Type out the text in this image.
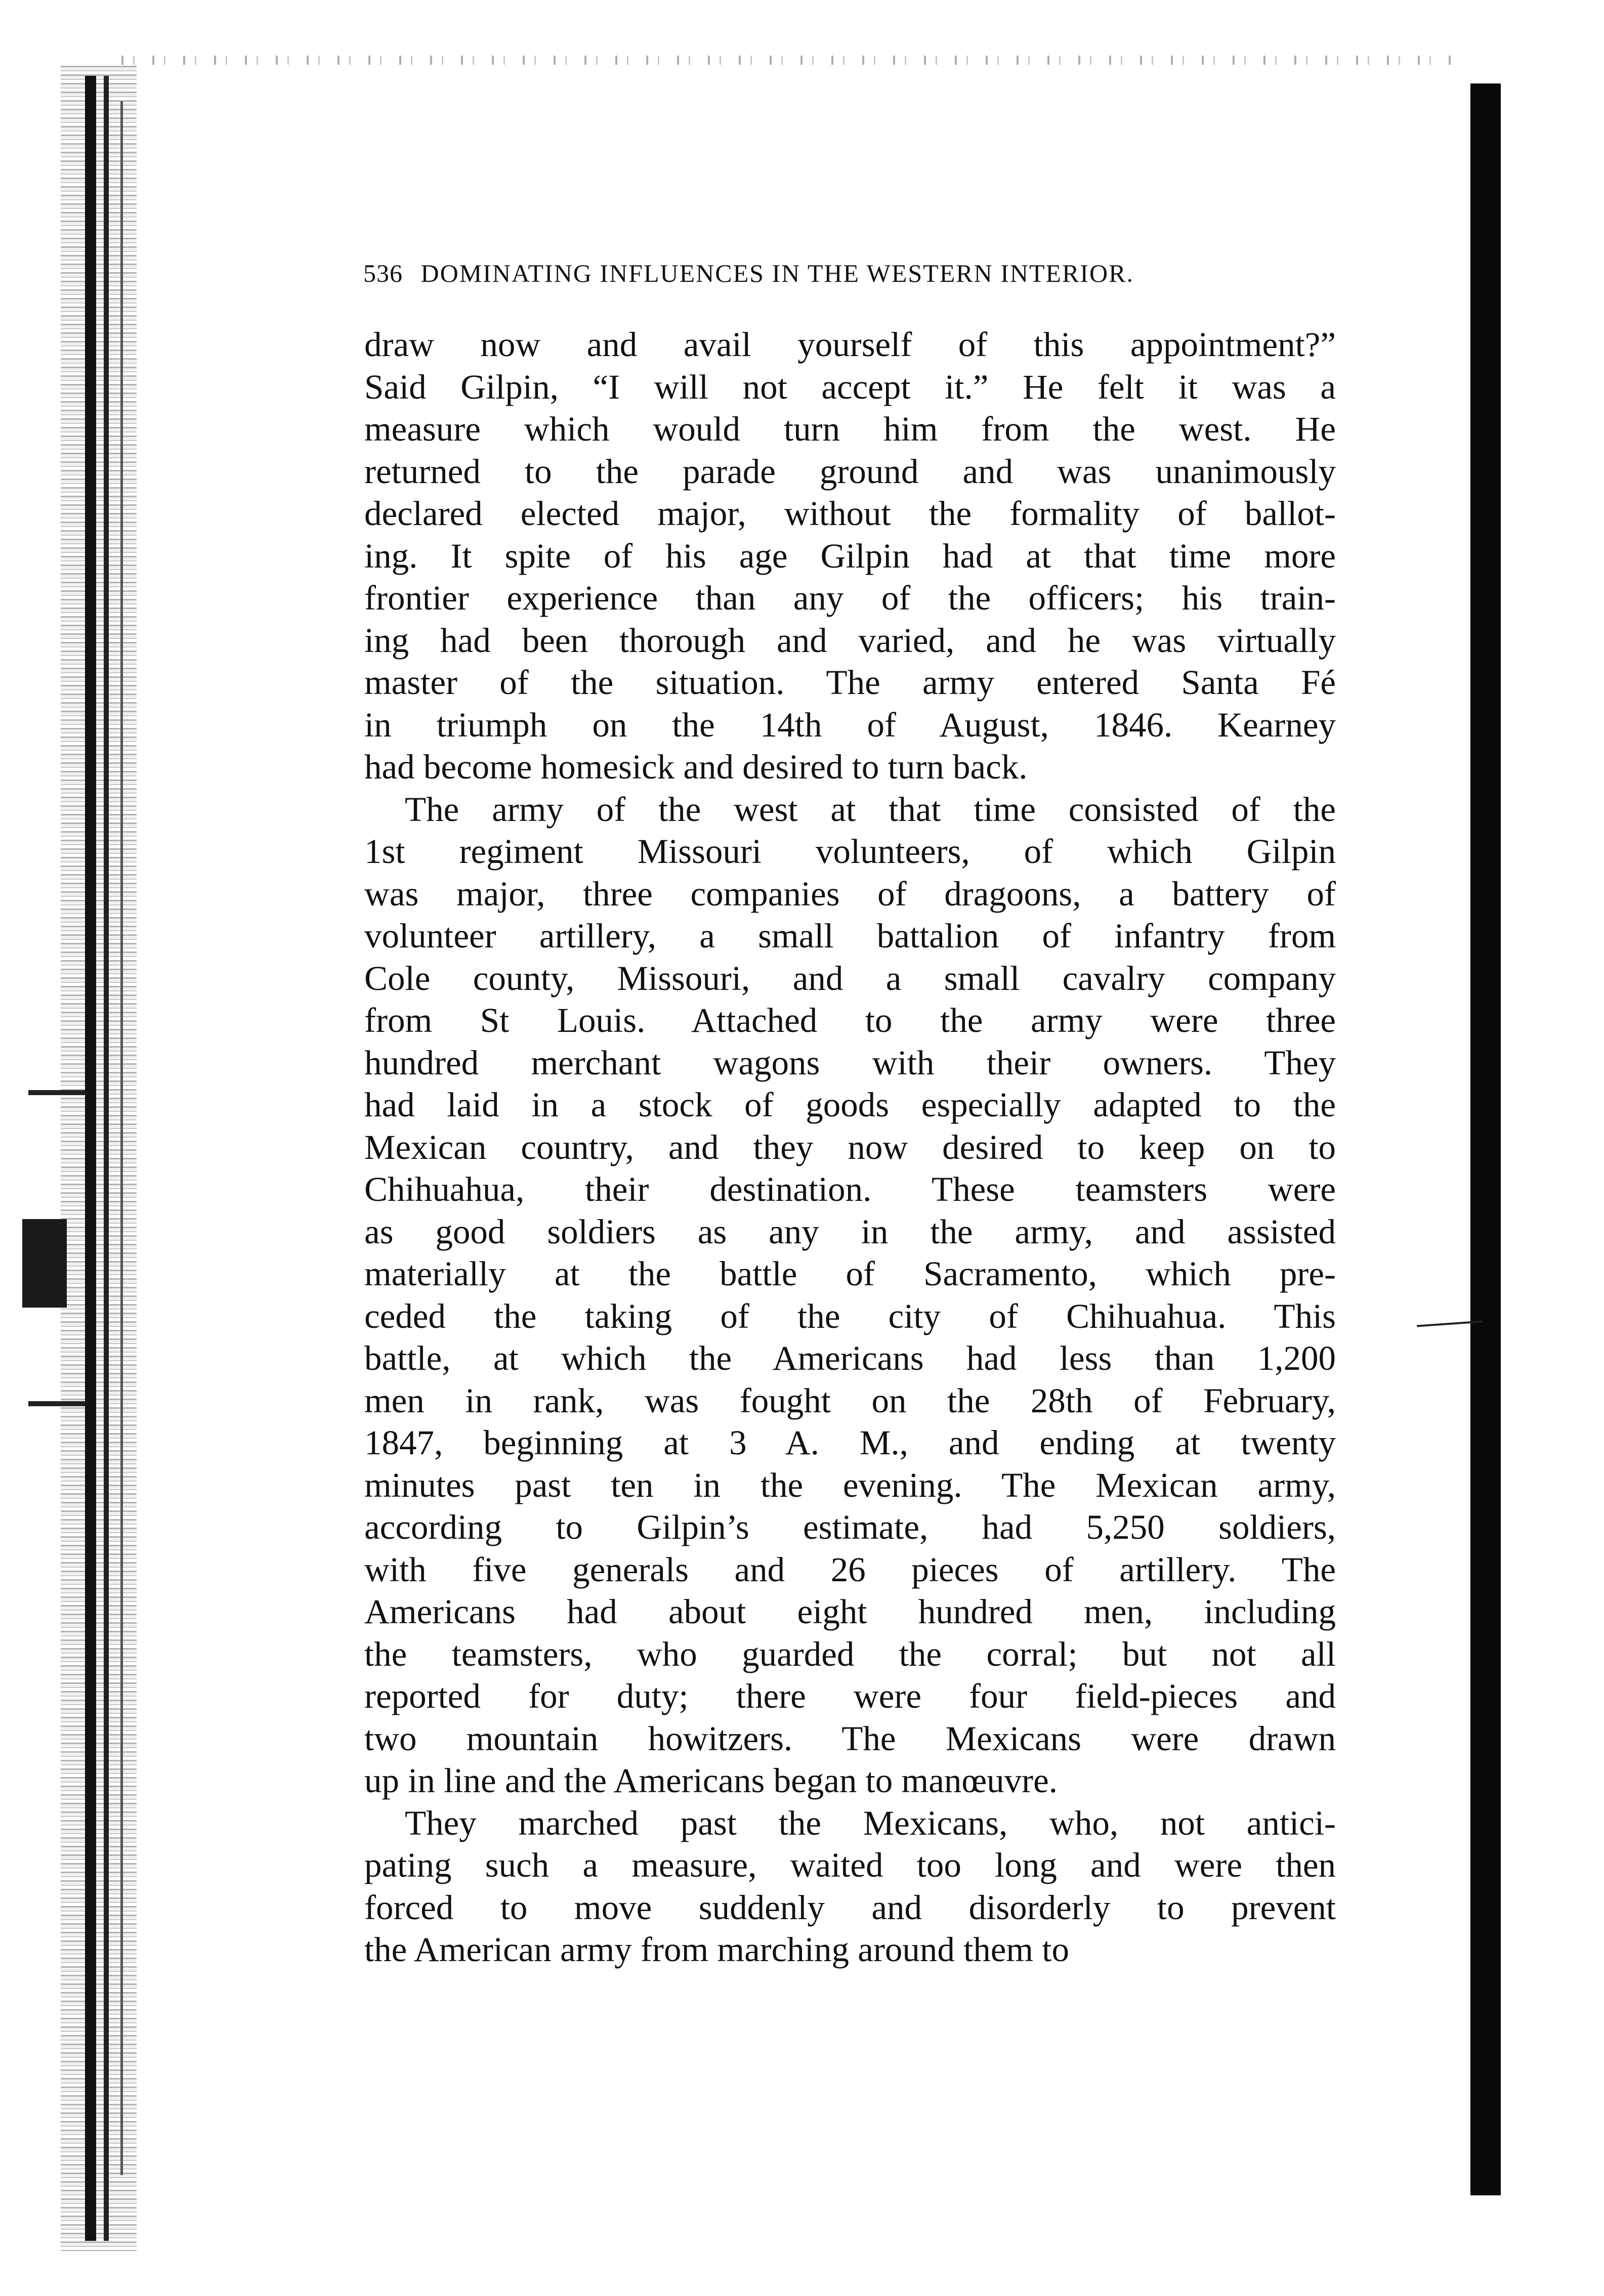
536 DOMINATING INFLUENCES IN THE WESTERN INTERIOR.
draw now and avail yourself of this appointment?”
Said Gilpin, “I will not accept it.” He felt it was a
measure which would turn him from the west. He
returned to the parade ground and was unanimously
declared elected major, without the formality of ballot-
ing. It spite of his age Gilpin had at that time more
frontier experience than any of the officers; his train-
ing had been thorough and varied, and he was virtually
master of the situation. The army entered Santa Fé
in triumph on the 14th of August, 1846. Kearney
had become homesick and desired to turn back.
The army of the west at that time consisted of the
1st regiment Missouri volunteers, of which Gilpin
was major, three companies of dragoons, a battery of
volunteer artillery, a small battalion of infantry from
Cole county, Missouri, and a small cavalry company
from St Louis. Attached to the army were three
hundred merchant wagons with their owners. They
had laid in a stock of goods especially adapted to the
Mexican country, and they now desired to keep on to
Chihuahua, their destination. These teamsters were
as good soldiers as any in the army, and assisted
materially at the battle of Sacramento, which pre-
ceded the taking of the city of Chihuahua. This
battle, at which the Americans had less than 1,200
men in rank, was fought on the 28th of February,
1847, beginning at 3 A. M., and ending at twenty
minutes past ten in the evening. The Mexican army,
according to Gilpin’s estimate, had 5,250 soldiers,
with five generals and 26 pieces of artillery. The
Americans had about eight hundred men, including
the teamsters, who guarded the corral; but not all
reported for duty; there were four field-pieces and
two mountain howitzers. The Mexicans were drawn
up in line and the Americans began to manœuvre.
They marched past the Mexicans, who, not antici-
pating such a measure, waited too long and were then
forced to move suddenly and disorderly to prevent
the American army from marching around them to
